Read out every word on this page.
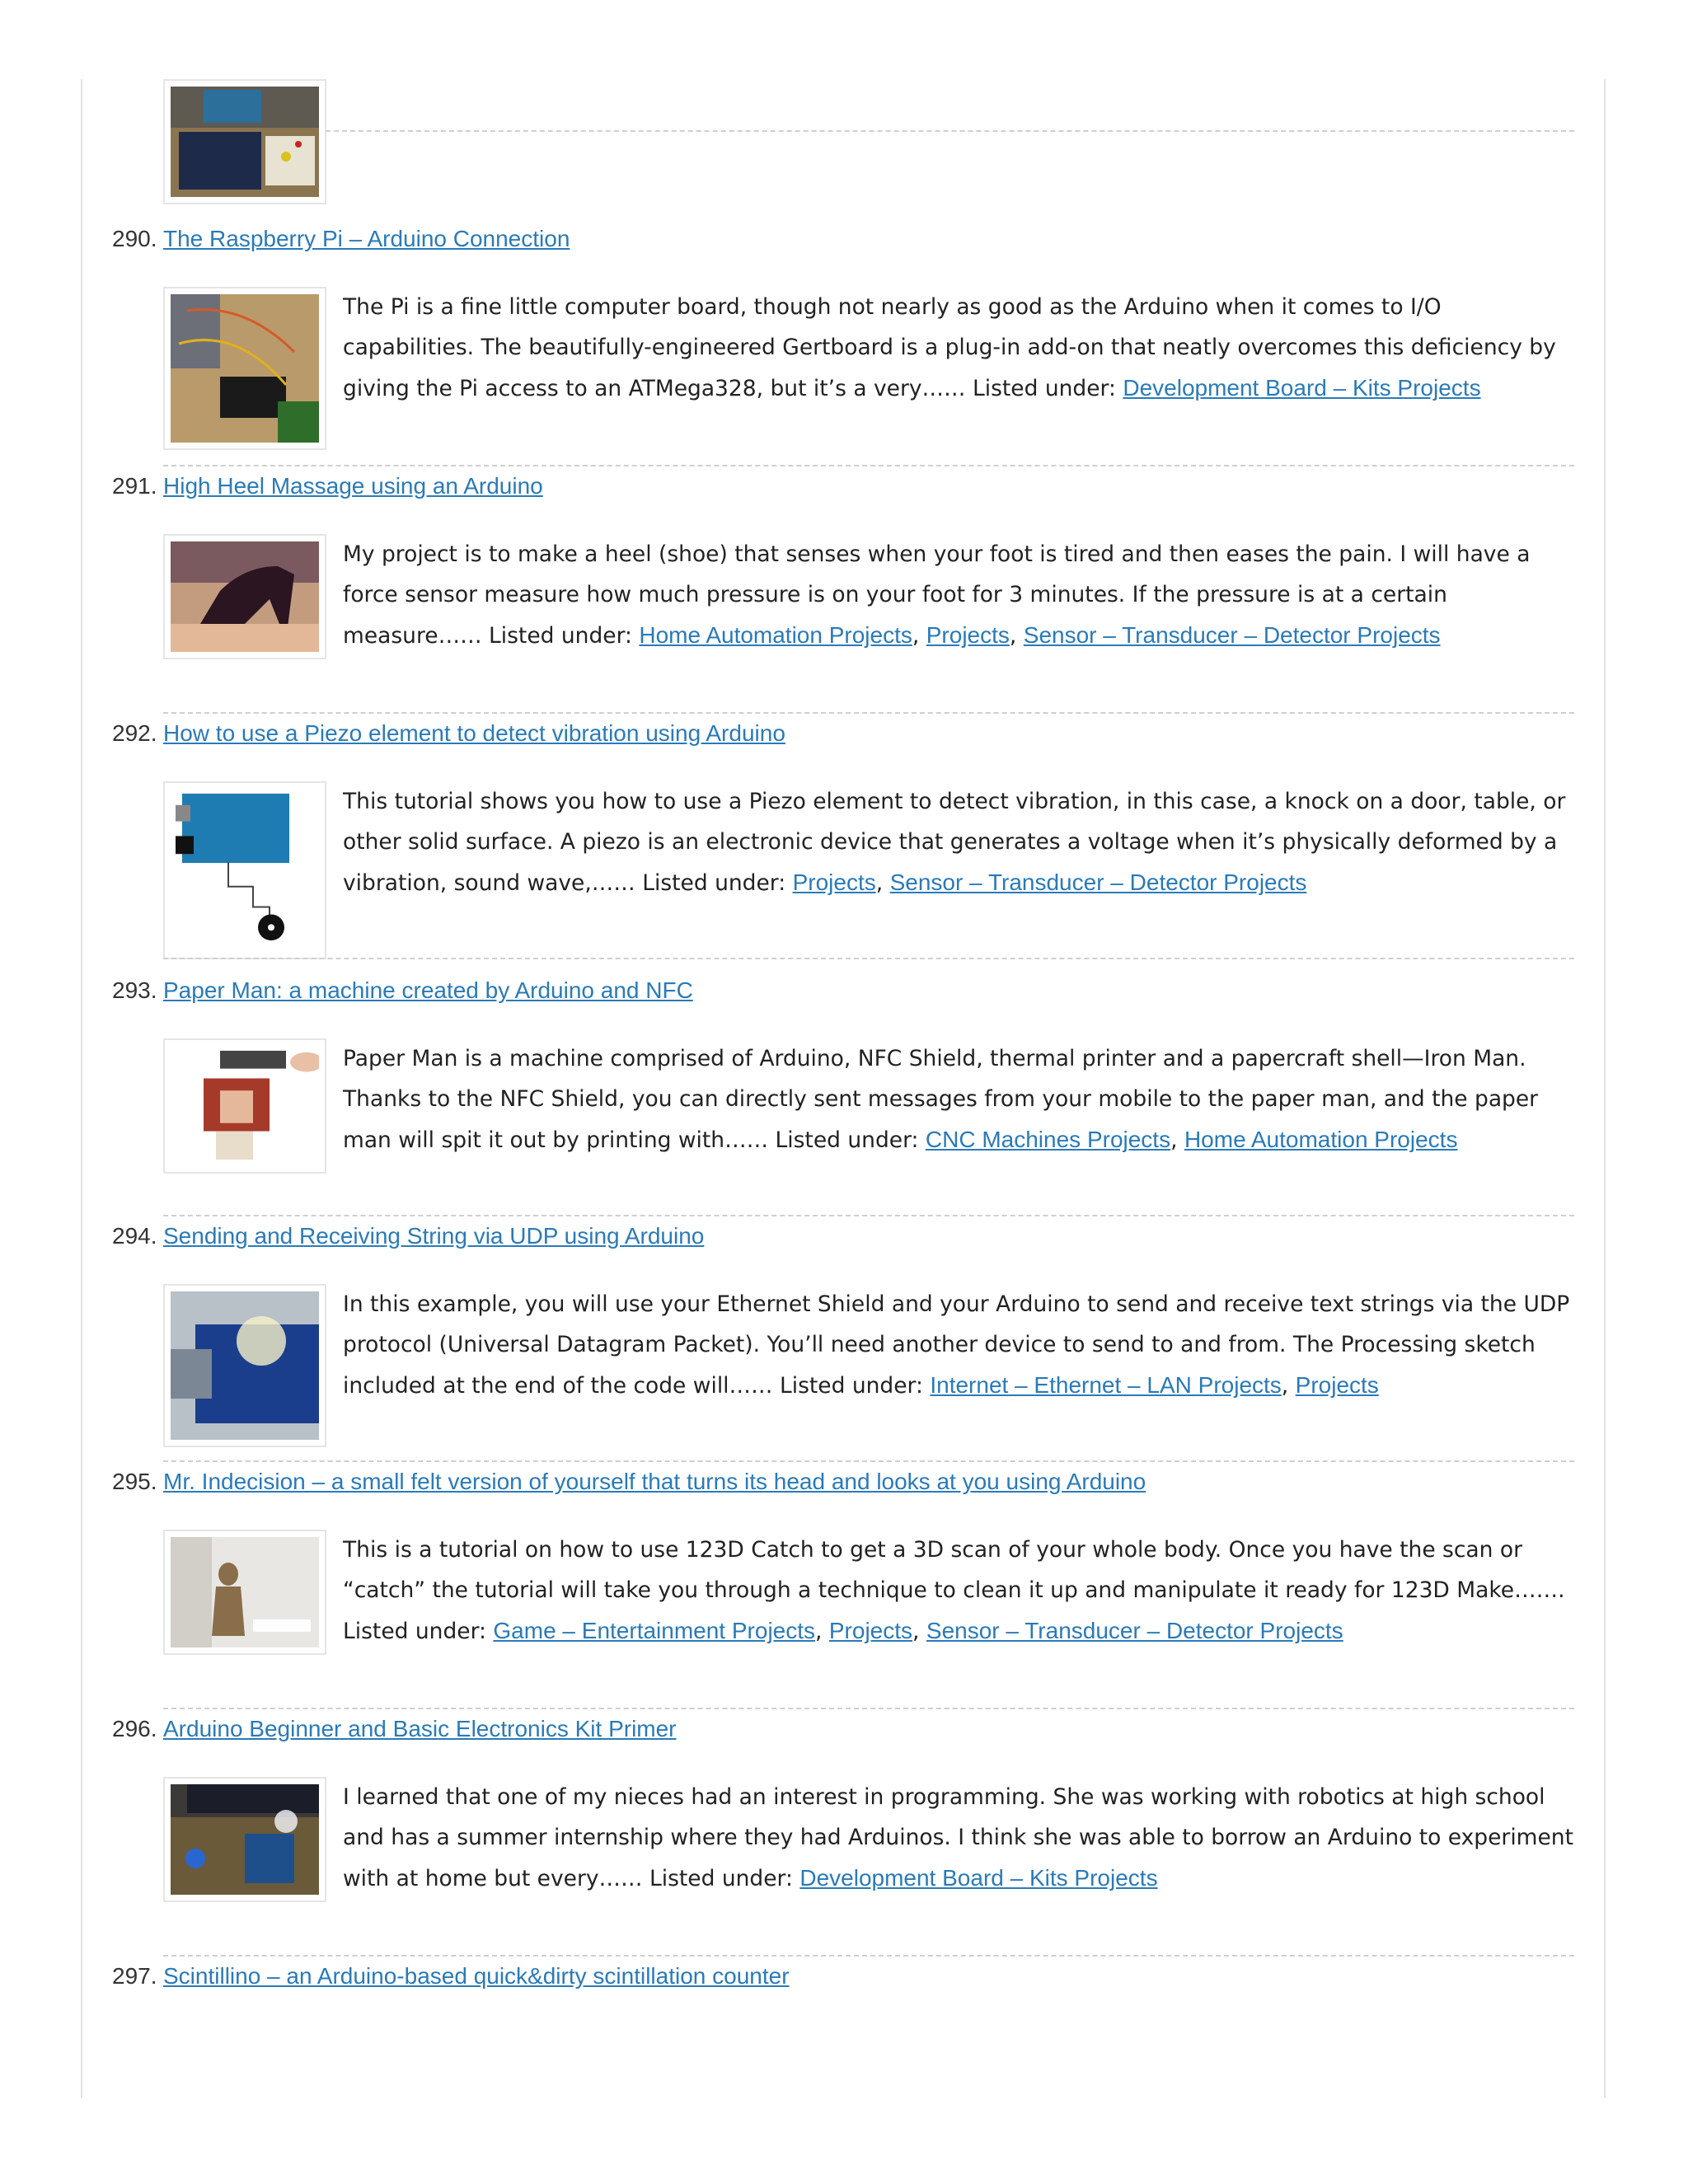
290. The Raspberry Pi – Arduino Connection
The Pi is a fine little computer board, though not nearly as good as the Arduino when it comes to I/O capabilities. The beautifully-engineered Gertboard is a plug-in add-on that neatly overcomes this deficiency by giving the Pi access to an ATMega328, but it’s a very…… Listed under: Development Board – Kits Projects
291. High Heel Massage using an Arduino
My project is to make a heel (shoe) that senses when your foot is tired and then eases the pain. I will have a force sensor measure how much pressure is on your foot for 3 minutes. If the pressure is at a certain measure…… Listed under: Home Automation Projects, Projects, Sensor – Transducer – Detector Projects
292. How to use a Piezo element to detect vibration using Arduino
This tutorial shows you how to use a Piezo element to detect vibration, in this case, a knock on a door, table, or other solid surface. A piezo is an electronic device that generates a voltage when it’s physically deformed by a vibration, sound wave,…… Listed under: Projects, Sensor – Transducer – Detector Projects
293. Paper Man: a machine created by Arduino and NFC
Paper Man is a machine comprised of Arduino, NFC Shield, thermal printer and a papercraft shell—Iron Man. Thanks to the NFC Shield, you can directly sent messages from your mobile to the paper man, and the paper man will spit it out by printing with…… Listed under: CNC Machines Projects, Home Automation Projects
294. Sending and Receiving String via UDP using Arduino
In this example, you will use your Ethernet Shield and your Arduino to send and receive text strings via the UDP protocol (Universal Datagram Packet). You’ll need another device to send to and from. The Processing sketch included at the end of the code will…… Listed under: Internet – Ethernet – LAN Projects, Projects
295. Mr. Indecision – a small felt version of yourself that turns its head and looks at you using Arduino
This is a tutorial on how to use 123D Catch to get a 3D scan of your whole body. Once you have the scan or “catch” the tutorial will take you through a technique to clean it up and manipulate it ready for 123D Make……. Listed under: Game – Entertainment Projects, Projects, Sensor – Transducer – Detector Projects
296. Arduino Beginner and Basic Electronics Kit Primer
I learned that one of my nieces had an interest in programming. She was working with robotics at high school and has a summer internship where they had Arduinos. I think she was able to borrow an Arduino to experiment with at home but every…… Listed under: Development Board – Kits Projects
297. Scintillino – an Arduino-based quick&dirty scintillation counter
